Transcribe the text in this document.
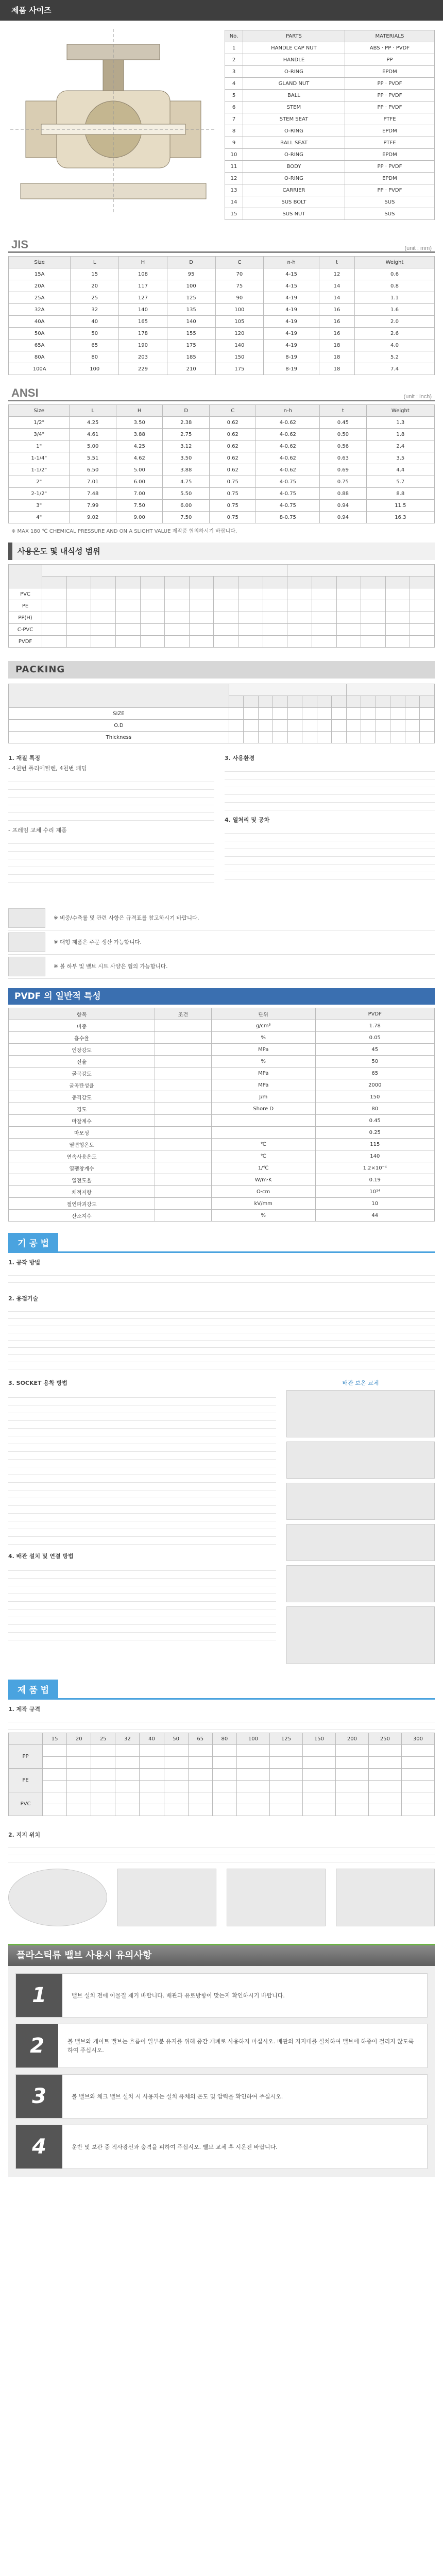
제품 사이즈
No.	PARTS	MATERIALS
1	HANDLE CAP NUT	ABS · PP · PVDF
2	HANDLE	PP
3	O-RING	EPDM
4	GLAND NUT	PP · PVDF
5	BALL	PP · PVDF
6	STEM	PP · PVDF
7	STEM SEAT	PTFE
8	O-RING	EPDM
9	BALL SEAT	PTFE
10	O-RING	EPDM
11	BODY	PP · PVDF
12	O-RING	EPDM
13	CARRIER	PP · PVDF
14	SUS BOLT	SUS
15	SUS NUT	SUS
JIS	(unit : mm)
Size	L	H	D	C	n-h	t	Weight
15A	15	108	95	70	4-15	12	0.6
20A	20	117	100	75	4-15	14	0.8
25A	25	127	125	90	4-19	14	1.1
32A	32	140	135	100	4-19	16	1.6
40A	40	165	140	105	4-19	16	2.0
50A	50	178	155	120	4-19	16	2.6
65A	65	190	175	140	4-19	18	4.0
80A	80	203	185	150	8-19	18	5.2
100A	100	229	210	175	8-19	18	7.4
ANSI	(unit : inch)
Size	L	H	D	C	n-h	t	Weight
1/2"	4.25	3.50	2.38	0.62	4-0.62	0.45	1.3
3/4"	4.61	3.88	2.75	0.62	4-0.62	0.50	1.8
1"	5.00	4.25	3.12	0.62	4-0.62	0.56	2.4
1-1/4"	5.51	4.62	3.50	0.62	4-0.62	0.63	3.5
1-1/2"	6.50	5.00	3.88	0.62	4-0.62	0.69	4.4
2"	7.01	6.00	4.75	0.75	4-0.75	0.75	5.7
2-1/2"	7.48	7.00	5.50	0.75	4-0.75	0.88	8.8
3"	7.99	7.50	6.00	0.75	4-0.75	0.94	11.5
4"	9.02	9.00	7.50	0.75	8-0.75	0.94	16.3
※ MAX 180 ℃ CHEMICAL PRESSURE AND ON A SLIGHT VALUE 제작품 협의하시기 바랍니다.
사용온도 및 내식성 범위

PVC																
PE																
PP(H)																
C-PVC																
PVDF																
PACKING

SIZE														
O.D														
Thickness														
1. 재질 특징
- 4천번 폴리에틸렌, 4천번 패딩
- 프레임 교체 수리 제품
3. 사용환경
4. 열처리 및 공차
※ 비중/수축률 및 관련 사항은 규격표를 참고하시기 바랍니다.
※ 대형 제품은 주문 생산 가능합니다.
※ 볼 하부 및 밸브 시트 사양은 협의 가능합니다.
PVDF 의 일반적 특성
항목	조건	단위	PVDF
비중		g/cm³	1.78
흡수율		%	0.05
인장강도		MPa	45
신율		%	50
굴곡강도		MPa	65
굴곡탄성율		MPa	2000
충격강도		J/m	150
경도		Shore D	80
마찰계수			0.45
마모성			0.25
열변형온도		℃	115
연속사용온도		℃	140
열팽창계수		1/℃	1.2×10⁻⁴
열전도율		W/m·K	0.19
체적저항		Ω·cm	10¹⁴
절연파괴강도		kV/mm	10
산소지수		%	44
기 공 법
1. 공작 방법
2. 용접기술
3. SOCKET 용착 방법
4. 배관 설치 및 연결 방법
배관 보온 교체
제 품 법
1. 제작 규격
	15	20	25	32	40	50	65	80	100	125	150	200	250	300
PP														

PE														

PVC														

2. 지지 위치
플라스틱류 밸브 사용시 유의사항
1	밸브 설치 전에 이물질 제거 바랍니다. 배관과 유로방향이 맞는지 확인하시기 바랍니다.
2	볼 밸브와 게이트 밸브는 흐름이 일부분 유지를 위해 중간 개폐로 사용하지 마십시오. 배관의 지지대를 설치하여 밸브에 하중이 걸리지 않도록 하여 주십시오.
3	볼 밸브와 체크 밸브 설치 시 사용자는 설치 유체의 온도 및 압력을 확인하여 주십시오.
4	운반 및 보관 중 직사광선과 충격을 피하여 주십시오. 밸브 교체 후 시운전 바랍니다.
